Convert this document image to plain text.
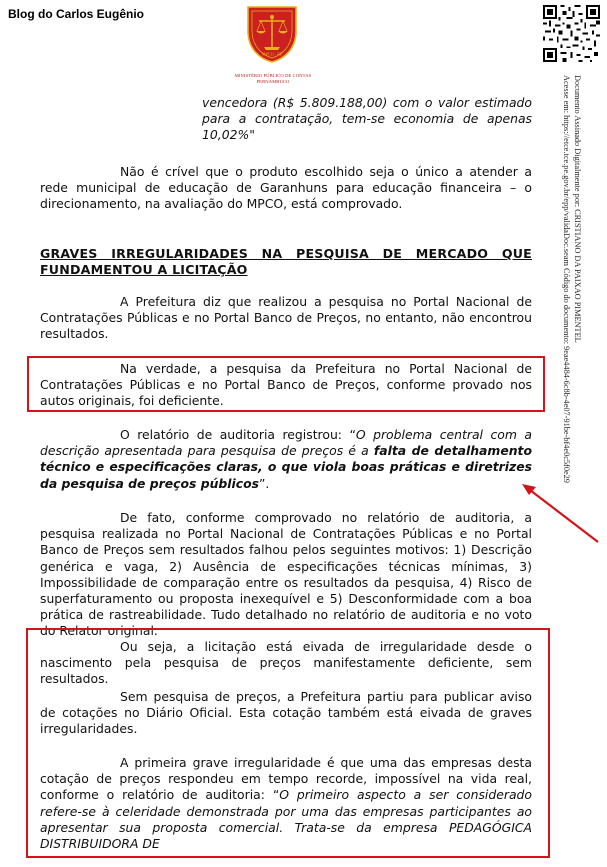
Blog do Carlos Eugênio
MPCO - PE
MINISTÉRIO PÚBLICO DE CONTAS
PERNAMBUCO	Documento Assinado Digitalmente por: CRISTIANO DA PAIXAO PIMENTEL
Acesse em: https://etce.tce.pe.gov.br/epp/validaDoc.seam Código do documento: 9eae4484-6c8b-4e07-91be-bf4e0c5f0e29
vencedora (R$ 5.809.188,00) com o valor estimado para a contratação, tem-se economia de apenas 10,02%"
Não é crível que o produto escolhido seja o único a atender a rede municipal de educação de Garanhuns para educação financeira – o direcionamento, na avaliação do MPCO, está comprovado.
GRAVES IRREGULARIDADES NA PESQUISA DE MERCADO QUE FUNDAMENTOU A LICITAÇÃO
A Prefeitura diz que realizou a pesquisa no Portal Nacional de Contratações Públicas e no Portal Banco de Preços, no entanto, não encontrou resultados.
Na verdade, a pesquisa da Prefeitura no Portal Nacional de Contratações Públicas e no Portal Banco de Preços, conforme provado nos autos originais, foi deficiente.
O relatório de auditoria registrou: “O problema central com a descrição apresentada para pesquisa de preços é a falta de detalhamento técnico e especificações claras, o que viola boas práticas e diretrizes da pesquisa de preços públicos”.
De fato, conforme comprovado no relatório de auditoria, a pesquisa realizada no Portal Nacional de Contratações Públicas e no Portal Banco de Preços sem resultados falhou pelos seguintes motivos: 1) Descrição genérica e vaga, 2) Ausência de especificações técnicas mínimas, 3) Impossibilidade de comparação entre os resultados da pesquisa, 4) Risco de superfaturamento ou proposta inexequível e 5) Desconformidade com a boa prática de rastreabilidade. Tudo detalhado no relatório de auditoria e no voto do Relator original.
Ou seja, a licitação está eivada de irregularidade desde o nascimento pela pesquisa de preços manifestamente deficiente, sem resultados.
Sem pesquisa de preços, a Prefeitura partiu para publicar aviso de cotações no Diário Oficial. Esta cotação também está eivada de graves irregularidades.
A primeira grave irregularidade é que uma das empresas desta cotação de preços respondeu em tempo recorde, impossível na vida real, conforme o relatório de auditoria: “O primeiro aspecto a ser considerado refere-se à celeridade demonstrada por uma das empresas participantes ao apresentar sua proposta comercial. Trata-se da empresa PEDAGÓGICA DISTRIBUIDORA DE
